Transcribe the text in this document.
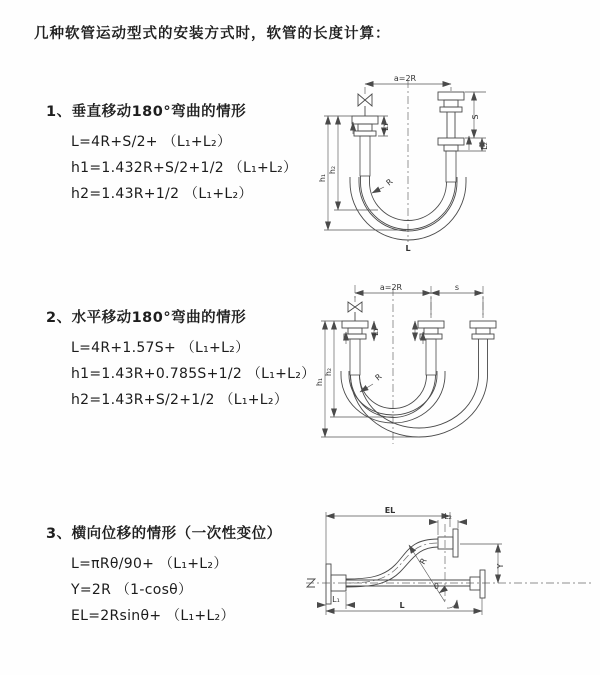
几种软管运动型式的安装方式时，软管的长度计算：
1、垂直移动180°弯曲的情形
L=4R+S/2+ （L₁+L₂）
h1=1.432R+S/2+1/2 （L₁+L₂）
h2=1.43R+1/2 （L₁+L₂）
2、水平移动180°弯曲的情形
L=4R+1.57S+ （L₁+L₂）
h1=1.43R+0.785S+1/2 （L₁+L₂）
h2=1.43R+S/2+1/2 （L₁+L₂）
3、横向位移的情形（一次性变位）
L=πRθ/90+ （L₁+L₂）
Y=2R （1-cosθ）
EL=2Rsinθ+ （L₁+L₂）
a=2R
S
L₂
L₁
h₁
h₂
R
L
a=2R	s
h₁
h₂
L₁
R
EL
L₂
Y
L₁
R
θ
L
